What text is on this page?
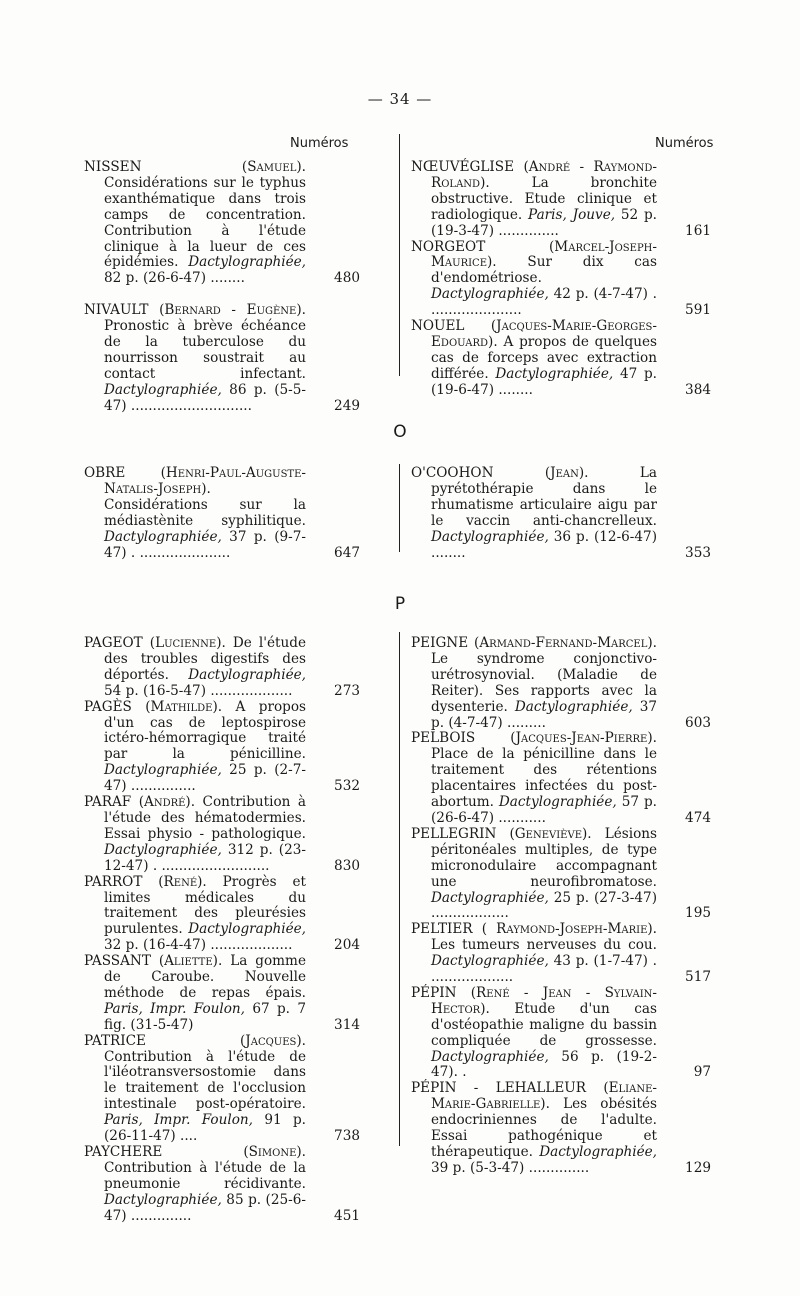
— 34 —
Numéros	Numéros
O
P
NISSEN (Samuel). Considérations sur le typhus exanthématique dans trois camps de concentration. Contribution à l'étude clinique à la lueur de ces épidémies. Dactylographiée, 82 p. (26-6-47) ........	480
NIVAULT (Bernard - Eugène). Pronostic à brève échéance de la tuberculose du nourrisson soustrait au contact infectant. Dactylographiée, 86 p. (5-5-47) ............................	249
NŒUVÉGLISE (André - Raymond-Roland). La bronchite obstructive. Etude clinique et radiologique. Paris, Jouve, 52 p. (19-3-47) ..............	161
NORGEOT (Marcel-Joseph-Maurice). Sur dix cas d'endométriose. Dactylographiée, 42 p. (4-7-47) . .....................	591
NOUEL (Jacques-Marie-Georges-Edouard). A propos de quelques cas de forceps avec extraction différée. Dactylographiée, 47 p. (19-6-47) ........	384
OBRE (Henri-Paul-Auguste-Natalis-Joseph). Considérations sur la médiastènite syphilitique. Dactylographiée, 37 p. (9-7-47) . .....................	647
O'COOHON (Jean). La pyrétothérapie dans le rhumatisme articulaire aigu par le vaccin anti-chancrelleux. Dactylographiée, 36 p. (12-6-47) ........	353
PAGEOT (Lucienne). De l'étude des troubles digestifs des déportés. Dactylographiée, 54 p. (16-5-47) ...................	273
PAGÈS (Mathilde). A propos d'un cas de leptospirose ictéro-hémorragique traité par la pénicilline. Dactylographiée, 25 p. (2-7-47) ...............	532
PARAF (André). Contribution à l'étude des hématodermies. Essai physio - pathologique. Dactylographiée, 312 p. (23-12-47) . .........................	830
PARROT (René). Progrès et limites médicales du traitement des pleurésies purulentes. Dactylographiée, 32 p. (16-4-47) ...................	204
PASSANT (Aliette). La gomme de Caroube. Nouvelle méthode de repas épais. Paris, Impr. Foulon, 67 p. 7 fig. (31-5-47)	314
PATRICE (Jacques). Contribution à l'étude de l'iléotransversostomie dans le traitement de l'occlusion intestinale post-opératoire. Paris, Impr. Foulon, 91 p. (26-11-47) ....	738
PAYCHERE (Simone). Contribution à l'étude de la pneumonie récidivante. Dactylographiée, 85 p. (25-6-47) ..............	451
PEIGNE (Armand-Fernand-Marcel). Le syndrome conjonctivo-urétrosynovial. (Maladie de Reiter). Ses rapports avec la dysenterie. Dactylographiée, 37 p. (4-7-47) .........	603
PELBOIS (Jacques-Jean-Pierre). Place de la pénicilline dans le traitement des rétentions placentaires infectées du post-abortum. Dactylographiée, 57 p. (26-6-47) ...........	474
PELLEGRIN (Geneviève). Lésions péritonéales multiples, de type micronodulaire accompagnant une neurofibromatose. Dactylographiée, 25 p. (27-3-47) ..................	195
PELTIER ( Raymond-Joseph-Marie). Les tumeurs nerveuses du cou. Dactylographiée, 43 p. (1-7-47) . ...................	517
PÉPIN (René - Jean - Sylvain-Hector). Etude d'un cas d'ostéopathie maligne du bassin compliquée de grossesse. Dactylographiée, 56 p. (19-2-47). .	97
PÉPIN - LEHALLEUR (Eliane-Marie-Gabrielle). Les obésités endocriniennes de l'adulte. Essai pathogénique et thérapeutique. Dactylographiée, 39 p. (5-3-47) ..............	129
